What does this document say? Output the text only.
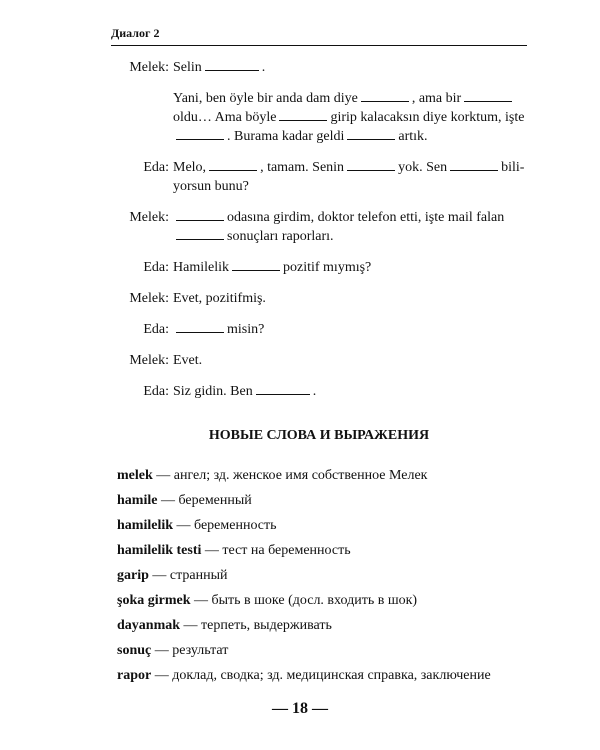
Диалог 2
Melek: Selin	.

Yani, ben öyle bir anda dam diye	, ama biroldu… Ama böyle	girip kalacaksın diye korktum, işte. Burama kadar geldi	artık.

Eda: Melo,	, tamam. Senin	yok. Sen	bili- yorsun bunu?

Melek:	odasına girdim, doktor telefon etti, işte mail falansonuçları raporları.

Eda: Hamilelik	pozitif mıymış?

Melek: Evet, pozitifmiş.

Eda:	misin?

Melek: Evet.

Eda: Siz gidin. Ben	.

НОВЫЕ СЛОВА И ВЫРАЖЕНИЯ
melek — ангел; зд. женское имя собственное Мелек
hamile — беременный
hamilelik — беременность
hamilelik testi — тест на беременность
garip — странный
şoka girmek — быть в шоке (досл. входить в шок)
dayanmak — терпеть, выдерживать
sonuç — результат
rapor — доклад, сводка; зд. медицинская справка, заключение
— 18 —
